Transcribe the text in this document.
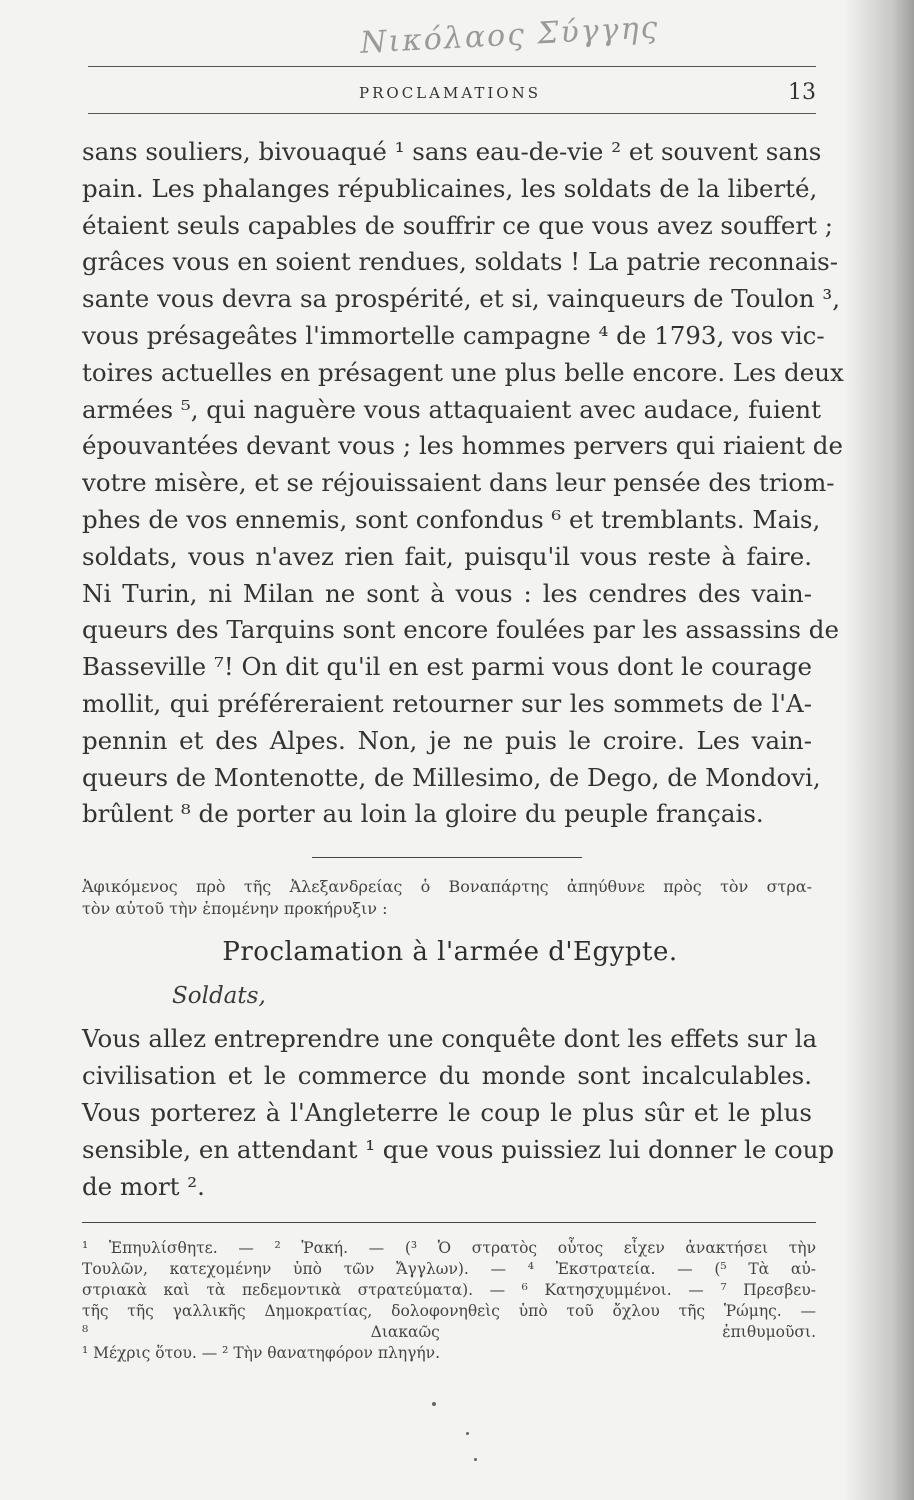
Νικόλαος Σύγγης
PROCLAMATIONS	13
sans souliers, bivouaqué ¹ sans eau-de-vie ² et souvent sans
pain. Les phalanges républicaines, les soldats de la liberté,
étaient seuls capables de souffrir ce que vous avez souffert ;
grâces vous en soient rendues, soldats ! La patrie reconnais-
sante vous devra sa prospérité, et si, vainqueurs de Toulon ³,
vous présageâtes l'immortelle campagne ⁴ de 1793, vos vic-
toires actuelles en présagent une plus belle encore. Les deux
armées ⁵, qui naguère vous attaquaient avec audace, fuient
épouvantées devant vous ; les hommes pervers qui riaient de
votre misère, et se réjouissaient dans leur pensée des triom-
phes de vos ennemis, sont confondus ⁶ et tremblants. Mais,
soldats, vous n'avez rien fait, puisqu'il vous reste à faire.
Ni Turin, ni Milan ne sont à vous : les cendres des vain-
queurs des Tarquins sont encore foulées par les assassins de
Basseville ⁷! On dit qu'il en est parmi vous dont le courage
mollit, qui préféreraient retourner sur les sommets de l'A-
pennin et des Alpes. Non, je ne puis le croire. Les vain-
queurs de Montenotte, de Millesimo, de Dego, de Mondovi,
brûlent ⁸ de porter au loin la gloire du peuple français.
Ἀφικόμενος πρὸ τῆς Ἀλεξανδρείας ὁ Βοναπάρτης ἀπηύθυνε πρὸς τὸν στρα-
τὸν αὐτοῦ τὴν ἑπομένην προκήρυξιν :
Proclamation à l'armée d'Egypte.
Soldats,
Vous allez entreprendre une conquête dont les effets sur la
civilisation et le commerce du monde sont incalculables.
Vous porterez à l'Angleterre le coup le plus sûr et le plus
sensible, en attendant ¹ que vous puissiez lui donner le coup
de mort ².
¹ Ἐπηυλίσθητε. — ² Ῥακή. — (³ Ὁ στρατὸς οὗτος εἶχεν ἀνακτήσει τὴν
Τουλῶν, κατεχομένην ὑπὸ τῶν Ἄγγλων). — ⁴ Ἐκστρατεία. — (⁵ Τὰ αὐ-
στριακὰ καὶ τὰ πεδεμοντικὰ στρατεύματα). — ⁶ Κατησχυμμένοι. — ⁷ Πρεσβευ-
τῆς τῆς γαλλικῆς Δημοκρατίας, δολοφονηθεὶς ὑπὸ τοῦ ὄχλου τῆς Ῥώμης. —
⁸ Διακαῶς ἐπιθυμοῦσι.
¹ Μέχρις ὅτου. — ² Τὴν θανατηφόρον πληγήν.
